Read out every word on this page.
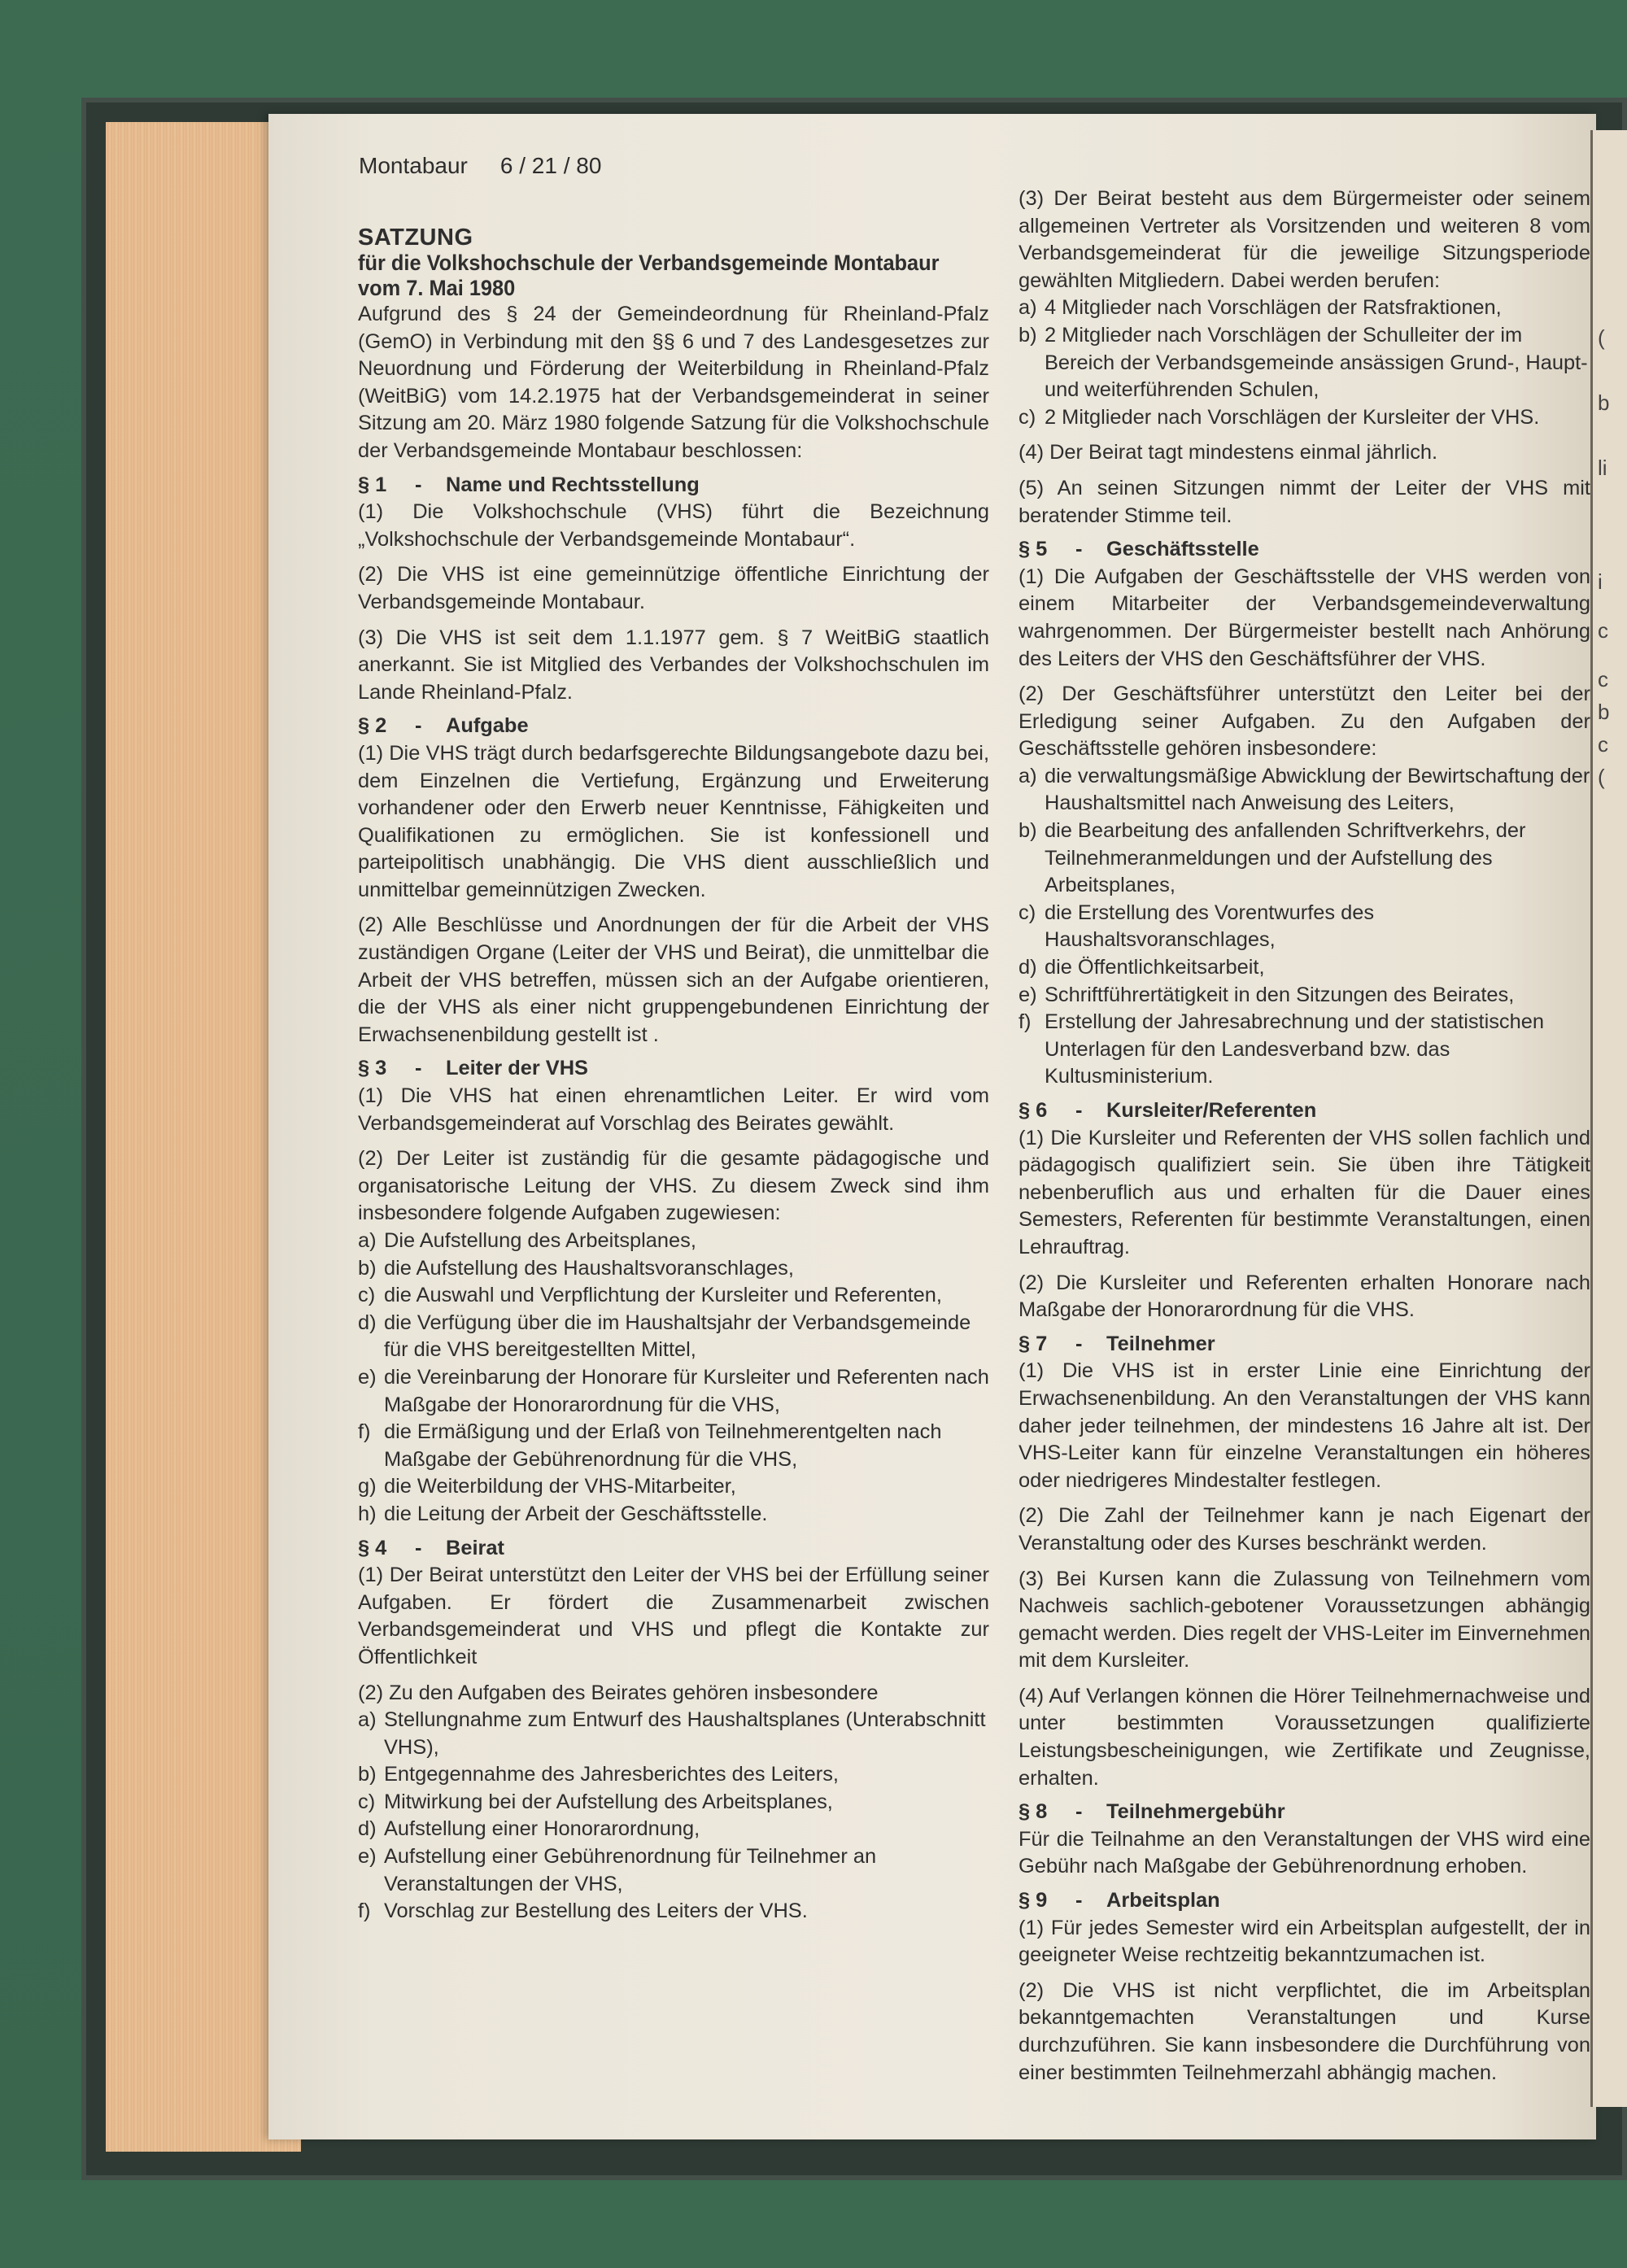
(
b
li
i
c
c
b
c
(
Montabaur 6 / 21 / 80
SATZUNG
für die Volkshochschule der Verbandsgemeinde Montabaur
vom 7. Mai 1980

Aufgrund des § 24 der Gemeindeordnung für Rheinland-Pfalz (GemO) in Verbindung mit den §§ 6 und 7 des Landesgesetzes zur Neuordnung und Förderung der Weiterbildung in Rheinland-Pfalz (WeitBiG) vom 14.2.1975 hat der Verbandsgemeinderat in seiner Sitzung am 20. März 1980 folgende Satzung für die Volkshochschule der Verbandsgemeinde Montabaur beschlossen:

§ 1 - Name und Rechtsstellung

(1) Die Volkshochschule (VHS) führt die Bezeichnung „Volkshochschule der Verbandsgemeinde Montabaur“.

(2) Die VHS ist eine gemeinnützige öffentliche Einrichtung der Verbandsgemeinde Montabaur.

(3) Die VHS ist seit dem 1.1.1977 gem. § 7 WeitBiG staatlich anerkannt. Sie ist Mitglied des Verbandes der Volkshochschulen im Lande Rheinland-Pfalz.

§ 2 - Aufgabe

(1) Die VHS trägt durch bedarfsgerechte Bildungsangebote dazu bei, dem Einzelnen die Vertiefung, Ergänzung und Erweiterung vorhandener oder den Erwerb neuer Kenntnisse, Fähigkeiten und Qualifikationen zu ermöglichen. Sie ist konfessionell und parteipolitisch unabhängig. Die VHS dient ausschließlich und unmittelbar gemeinnützigen Zwecken.

(2) Alle Beschlüsse und Anordnungen der für die Arbeit der VHS zuständigen Organe (Leiter der VHS und Beirat), die unmittelbar die Arbeit der VHS betreffen, müssen sich an der Aufgabe orientieren, die der VHS als einer nicht gruppengebundenen Einrichtung der Erwachsenenbildung gestellt ist .

§ 3 - Leiter der VHS

(1) Die VHS hat einen ehrenamtlichen Leiter. Er wird vom Verbandsgemeinderat auf Vorschlag des Beirates gewählt.

(2) Der Leiter ist zuständig für die gesamte pädagogische und organisatorische Leitung der VHS. Zu diesem Zweck sind ihm insbesondere folgende Aufgaben zugewiesen:

a) Die Aufstellung des Arbeitsplanes,
b) die Aufstellung des Haushaltsvoranschlages,
c) die Auswahl und Verpflichtung der Kursleiter und Referenten,
d) die Verfügung über die im Haushaltsjahr der Verbandsgemeinde für die VHS bereitgestellten Mittel,
e) die Vereinbarung der Honorare für Kursleiter und Referenten nach Maßgabe der Honorarordnung für die VHS,
f) die Ermäßigung und der Erlaß von Teilnehmerentgelten nach Maßgabe der Gebührenordnung für die VHS,
g) die Weiterbildung der VHS-Mitarbeiter,
h) die Leitung der Arbeit der Geschäftsstelle.
§ 4 - Beirat

(1) Der Beirat unterstützt den Leiter der VHS bei der Erfüllung seiner Aufgaben. Er fördert die Zusammenarbeit zwischen Verbandsgemeinderat und VHS und pflegt die Kontakte zur Öffentlichkeit

(2) Zu den Aufgaben des Beirates gehören insbesondere

a) Stellungnahme zum Entwurf des Haushaltsplanes (Unterabschnitt VHS),
b) Entgegennahme des Jahresberichtes des Leiters,
c) Mitwirkung bei der Aufstellung des Arbeitsplanes,
d) Aufstellung einer Honorarordnung,
e) Aufstellung einer Gebührenordnung für Teilnehmer an Veranstaltungen der VHS,
f) Vorschlag zur Bestellung des Leiters der VHS.

(3) Der Beirat besteht aus dem Bürgermeister oder seinem allgemeinen Vertreter als Vorsitzenden und weiteren 8 vom Verbandsgemeinderat für die jeweilige Sitzungsperiode gewählten Mitgliedern. Dabei werden berufen:

a) 4 Mitglieder nach Vorschlägen der Ratsfraktionen,
b) 2 Mitglieder nach Vorschlägen der Schulleiter der im Bereich der Verbandsgemeinde ansässigen Grund-, Haupt- und weiterführenden Schulen,
c) 2 Mitglieder nach Vorschlägen der Kursleiter der VHS.

(4) Der Beirat tagt mindestens einmal jährlich.

(5) An seinen Sitzungen nimmt der Leiter der VHS mit beratender Stimme teil.

§ 5 - Geschäftsstelle

(1) Die Aufgaben der Geschäftsstelle der VHS werden von einem Mitarbeiter der Verbandsgemeindeverwaltung wahrgenommen. Der Bürgermeister bestellt nach Anhörung des Leiters der VHS den Geschäftsführer der VHS.

(2) Der Geschäftsführer unterstützt den Leiter bei der Erledigung seiner Aufgaben. Zu den Aufgaben der Geschäftsstelle gehören insbesondere:

a) die verwaltungsmäßige Abwicklung der Bewirtschaftung der Haushaltsmittel nach Anweisung des Leiters,
b) die Bearbeitung des anfallenden Schriftverkehrs, der Teilnehmeranmeldungen und der Aufstellung des Arbeitsplanes,
c) die Erstellung des Vorentwurfes des Haushaltsvoranschlages,
d) die Öffentlichkeitsarbeit,
e) Schriftführertätigkeit in den Sitzungen des Beirates,
f) Erstellung der Jahresabrechnung und der statistischen Unterlagen für den Landesverband bzw. das Kultusministerium.
§ 6 - Kursleiter/Referenten

(1) Die Kursleiter und Referenten der VHS sollen fachlich und pädagogisch qualifiziert sein. Sie üben ihre Tätigkeit nebenberuflich aus und erhalten für die Dauer eines Semesters, Referenten für bestimmte Veranstaltungen, einen Lehrauftrag.

(2) Die Kursleiter und Referenten erhalten Honorare nach Maßgabe der Honorarordnung für die VHS.

§ 7 - Teilnehmer

(1) Die VHS ist in erster Linie eine Einrichtung der Erwachsenenbildung. An den Veranstaltungen der VHS kann daher jeder teilnehmen, der mindestens 16 Jahre alt ist. Der VHS-Leiter kann für einzelne Veranstaltungen ein höheres oder niedrigeres Mindestalter festlegen.

(2) Die Zahl der Teilnehmer kann je nach Eigenart der Veranstaltung oder des Kurses beschränkt werden.

(3) Bei Kursen kann die Zulassung von Teilnehmern vom Nachweis sachlich-gebotener Voraussetzungen abhängig gemacht werden. Dies regelt der VHS-Leiter im Einvernehmen mit dem Kursleiter.

(4) Auf Verlangen können die Hörer Teilnehmernachweise und unter bestimmten Voraussetzungen qualifizierte Leistungsbescheinigungen, wie Zertifikate und Zeugnisse, erhalten.

§ 8 - Teilnehmergebühr

Für die Teilnahme an den Veranstaltungen der VHS wird eine Gebühr nach Maßgabe der Gebührenordnung erhoben.

§ 9 - Arbeitsplan

(1) Für jedes Semester wird ein Arbeitsplan aufgestellt, der in geeigneter Weise rechtzeitig bekanntzumachen ist.

(2) Die VHS ist nicht verpflichtet, die im Arbeitsplan bekanntgemachten Veranstaltungen und Kurse durchzuführen. Sie kann insbesondere die Durchführung von einer bestimmten Teilnehmerzahl abhängig machen.
